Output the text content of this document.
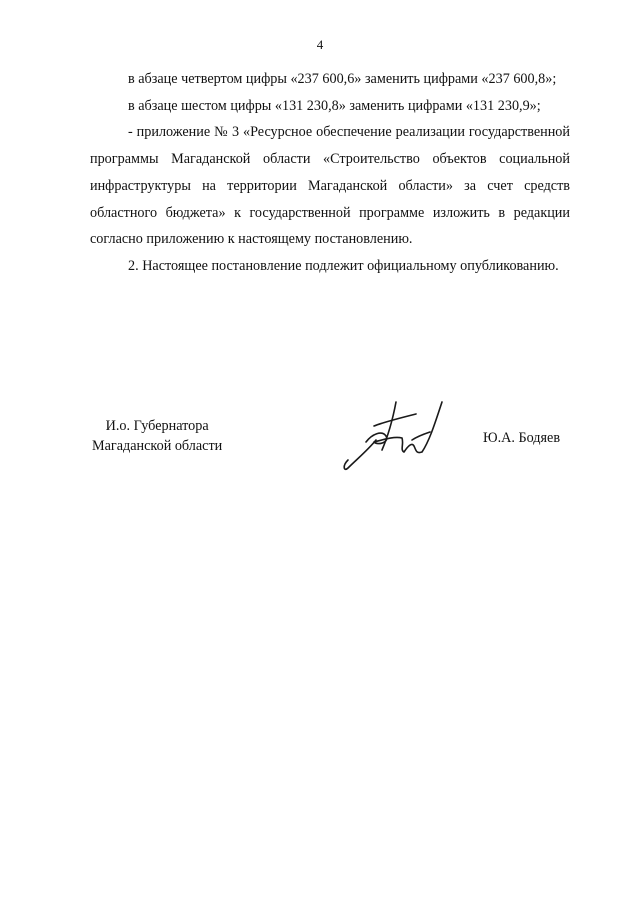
4

в абзаце четвертом цифры «237 600,6» заменить цифрами «237 600,8»;

в абзаце шестом цифры «131 230,8» заменить цифрами «131 230,9»;

- приложение № 3 «Ресурсное обеспечение реализации государственной программы Магаданской области «Строительство объектов социальной инфраструктуры на территории Магаданской области» за счет средств областного бюджета» к государственной программе изложить в редакции согласно приложению к настоящему постановлению.

2. Настоящее постановление подлежит официальному опубликованию.

И.о. Губернатора
Магаданской области	Ю.А. Бодяев
